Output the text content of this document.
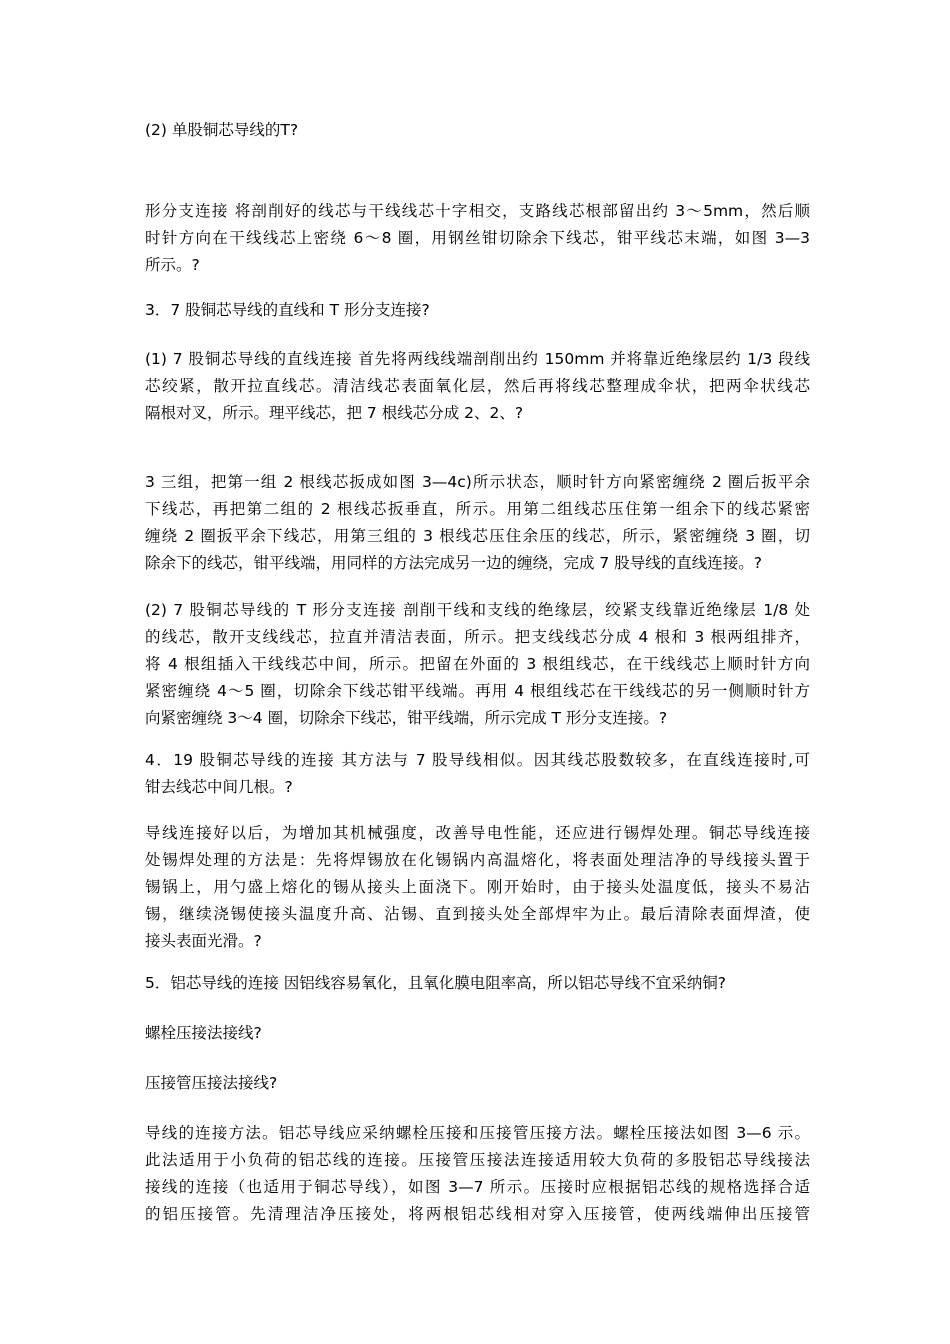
(2) 单股铜芯导线的T?
形分支连接 将剖削好的线芯与干线线芯十字相交，支路线芯根部留出约 3～5mm，然后顺
时针方向在干线线芯上密绕 6～8 圈，用钢丝钳切除余下线芯，钳平线芯末端，如图 3—3
所示。?
3．7 股铜芯导线的直线和 T 形分支连接?
(1) 7 股铜芯导线的直线连接 首先将两线线端剖削出约 150mm 并将靠近绝缘层约 1/3 段线
芯绞紧，散开拉直线芯。清洁线芯表面氧化层，然后再将线芯整理成伞状，把两伞状线芯
隔根对叉，所示。理平线芯，把 7 根线芯分成 2、2、?
3 三组，把第一组 2 根线芯扳成如图 3—4c)所示状态，顺时针方向紧密缠绕 2 圈后扳平余
下线芯，再把第二组的 2 根线芯扳垂直，所示。用第二组线芯压住第一组余下的线芯紧密
缠绕 2 圈扳平余下线芯，用第三组的 3 根线芯压住余压的线芯，所示，紧密缠绕 3 圈，切
除余下的线芯，钳平线端，用同样的方法完成另一边的缠绕，完成 7 股导线的直线连接。?
(2) 7 股铜芯导线的 T 形分支连接 剖削干线和支线的绝缘层，绞紧支线靠近绝缘层 1/8 处
的线芯，散开支线线芯，拉直并清洁表面，所示。把支线线芯分成 4 根和 3 根两组排齐，
将 4 根组插入干线线芯中间，所示。把留在外面的 3 根组线芯，在干线线芯上顺时针方向
紧密缠绕 4～5 圈，切除余下线芯钳平线端。再用 4 根组线芯在干线线芯的另一侧顺时针方
向紧密缠绕 3～4 圈，切除余下线芯，钳平线端，所示完成 T 形分支连接。?
4．19 股铜芯导线的连接 其方法与 7 股导线相似。因其线芯股数较多，在直线连接时,可
钳去线芯中间几根。?
导线连接好以后，为增加其机械强度，改善导电性能，还应进行锡焊处理。铜芯导线连接
处锡焊处理的方法是：先将焊锡放在化锡锅内高温熔化，将表面处理洁净的导线接头置于
锡锅上，用勺盛上熔化的锡从接头上面浇下。刚开始时，由于接头处温度低，接头不易沾
锡，继续浇锡使接头温度升高、沾锡、直到接头处全部焊牢为止。最后清除表面焊渣，使
接头表面光滑。?
5．铝芯导线的连接 因铝线容易氧化，且氧化膜电阻率高，所以铝芯导线不宜采纳铜?
螺栓压接法接线?
压接管压接法接线?
导线的连接方法。铝芯导线应采纳螺栓压接和压接管压接方法。螺栓压接法如图 3—6 示。
此法适用于小负荷的铝芯线的连接。压接管压接法连接适用较大负荷的多股铝芯导线接法
接线的连接（也适用于铜芯导线），如图 3—7 所示。压接时应根据铝芯线的规格选择合适
的铝压接管。先清理洁净压接处，将两根铝芯线相对穿入压接管，使两线端伸出压接管
